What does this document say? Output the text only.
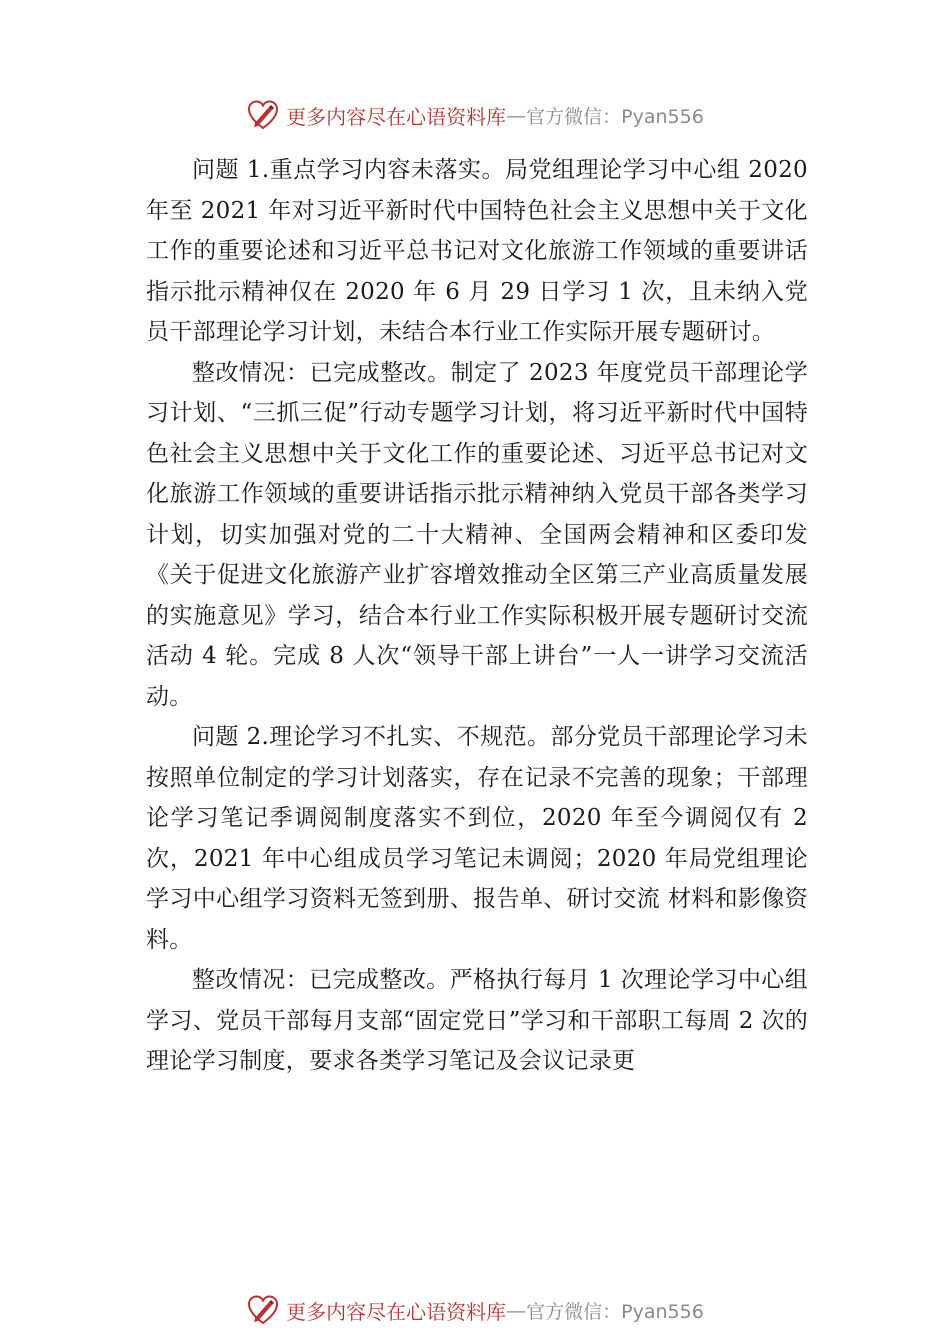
更多内容尽在心语资料库 — 官方微信：Pyan556

问题 1.重点学习内容未落实。局党组理论学习中心组 2020 年至 2021 年对习近平新时代中国特色社会主义思想中关于文化工作的重要论述和习近平总书记对文化旅游工作领域的重要讲话指示批示精神仅在 2020 年 6 月 29 日学习 1 次，且未纳入党员干部理论学习计划，未结合本行业工作实际开展专题研讨。

整改情况：已完成整改。制定了 2023 年度党员干部理论学习计划、“三抓三促”行动专题学习计划，将习近平新时代中国特色社会主义思想中关于文化工作的重要论述、习近平总书记对文化旅游工作领域的重要讲话指示批示精神纳入党员干部各类学习计划，切实加强对党的二十大精神、全国两会精神和区委印发《关于促进文化旅游产业扩容增效推动全区第三产业高质量发展的实施意见》学习，结合本行业工作实际积极开展专题研讨交流活动 4 轮。完成 8 人次“领导干部上讲台”一人一讲学习交流活动。

问题 2.理论学习不扎实、不规范。部分党员干部理论学习未按照单位制定的学习计划落实，存在记录不完善的现象；干部理论学习笔记季调阅制度落实不到位，2020 年至今调阅仅有 2 次，2021 年中心组成员学习笔记未调阅；2020 年局党组理论学习中心组学习资料无签到册、报告单、研讨交流 材料和影像资料。

整改情况：已完成整改。严格执行每月 1 次理论学习中心组学习、党员干部每月支部“固定党日”学习和干部职工每周 2 次的理论学习制度，要求各类学习笔记及会议记录更

更多内容尽在心语资料库 — 官方微信：Pyan556
